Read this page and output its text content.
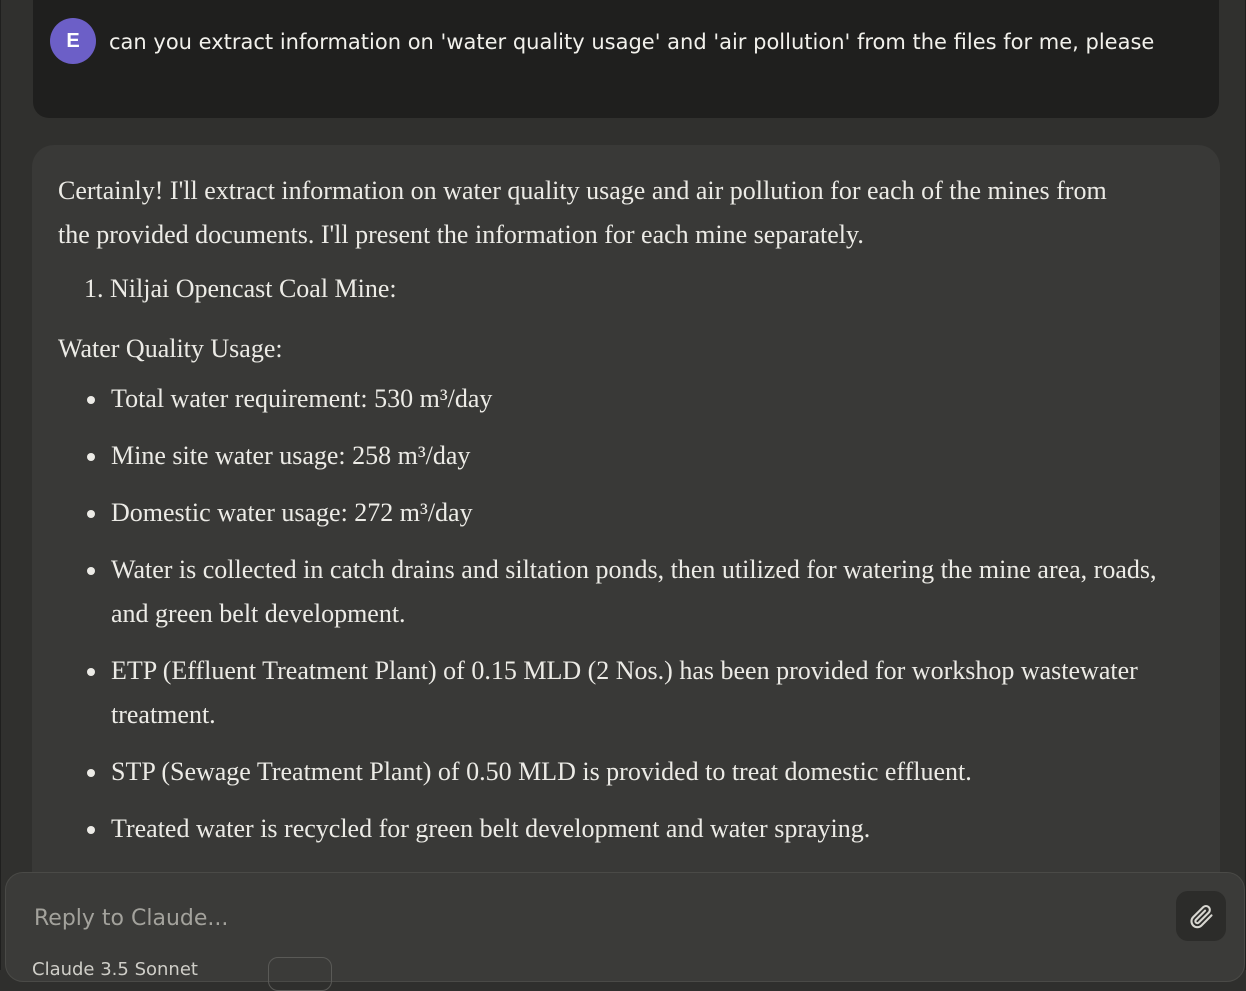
E	can you extract information on 'water quality usage' and 'air pollution' from the files for me, please

Certainly! I'll extract information on water quality usage and air pollution for each of the mines from the provided documents. I'll present the information for each mine separately.

1. Niljai Opencast Coal Mine:

Water Quality Usage:

Total water requirement: 530 m³/day
Mine site water usage: 258 m³/day
Domestic water usage: 272 m³/day
Water is collected in catch drains and siltation ponds, then utilized for watering the mine area, roads, and green belt development.
ETP (Effluent Treatment Plant) of 0.15 MLD (2 Nos.) has been provided for workshop wastewater treatment.
STP (Sewage Treatment Plant) of 0.50 MLD is provided to treat domestic effluent.
Treated water is recycled for green belt development and water spraying.
Reply to Claude...
Claude 3.5 Sonnet
